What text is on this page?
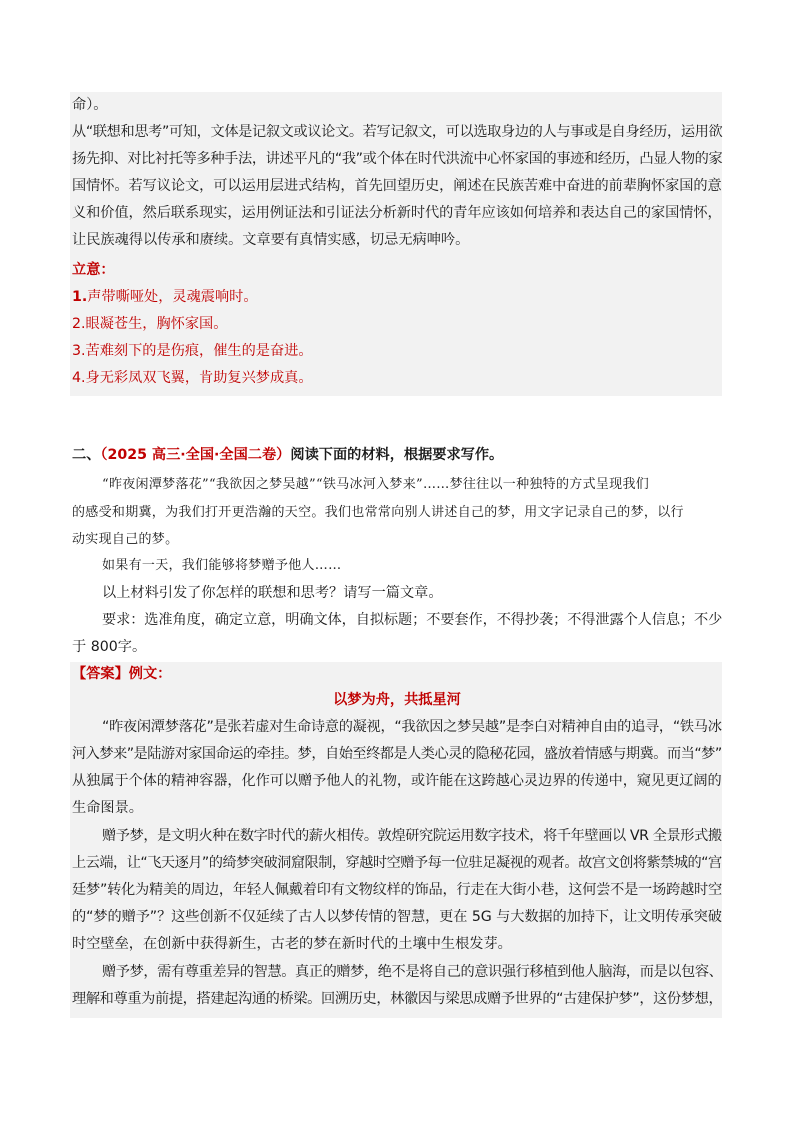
命）。
从“联想和思考”可知，文体是记叙文或议论文。若写记叙文，可以选取身边的人与事或是自身经历，运用欲
扬先抑、对比衬托等多种手法，讲述平凡的“我”或个体在时代洪流中心怀家国的事迹和经历，凸显人物的家
国情怀。若写议论文，可以运用层进式结构，首先回望历史，阐述在民族苦难中奋进的前辈胸怀家国的意
义和价值，然后联系现实，运用例证法和引证法分析新时代的青年应该如何培养和表达自己的家国情怀，
让民族魂得以传承和赓续。文章要有真情实感，切忌无病呻吟。
立意：
1.声带嘶哑处，灵魂震响时。
2.眼凝苍生，胸怀家国。
3.苦难刻下的是伤痕，催生的是奋进。
4.身无彩凤双飞翼，肯助复兴梦成真。
二、（2025 高三·全国·全国二卷）阅读下面的材料，根据要求写作。
“昨夜闲潭梦落花”“我欲因之梦吴越”“铁马冰河入梦来”……梦往往以一种独特的方式呈现我们
的感受和期冀，为我们打开更浩瀚的天空。我们也常常向别人讲述自己的梦，用文字记录自己的梦，以行
动实现自己的梦。
如果有一天，我们能够将梦赠予他人……
以上材料引发了你怎样的联想和思考？请写一篇文章。
要求：选准角度，确定立意，明确文体，自拟标题；不要套作，不得抄袭；不得泄露个人信息；不少
于 800字。
【答案】例文：
以梦为舟，共抵星河
“昨夜闲潭梦落花”是张若虚对生命诗意的凝视，“我欲因之梦吴越”是李白对精神自由的追寻，“铁马冰
河入梦来”是陆游对家国命运的牵挂。梦，自始至终都是人类心灵的隐秘花园，盛放着情感与期冀。而当“梦”
从独属于个体的精神容器，化作可以赠予他人的礼物，或许能在这跨越心灵边界的传递中，窥见更辽阔的
生命图景。
赠予梦，是文明火种在数字时代的薪火相传。敦煌研究院运用数字技术，将千年壁画以 VR 全景形式搬
上云端，让“飞天逐月”的绮梦突破洞窟限制，穿越时空赠予每一位驻足凝视的观者。故宫文创将紫禁城的“宫
廷梦”转化为精美的周边，年轻人佩戴着印有文物纹样的饰品，行走在大街小巷，这何尝不是一场跨越时空
的“梦的赠予”？这些创新不仅延续了古人以梦传情的智慧，更在 5G 与大数据的加持下，让文明传承突破
时空壁垒，在创新中获得新生，古老的梦在新时代的土壤中生根发芽。
赠予梦，需有尊重差异的智慧。真正的赠梦，绝不是将自己的意识强行移植到他人脑海，而是以包容、
理解和尊重为前提，搭建起沟通的桥梁。回溯历史，林徽因与梁思成赠予世界的“古建保护梦”，这份梦想，
